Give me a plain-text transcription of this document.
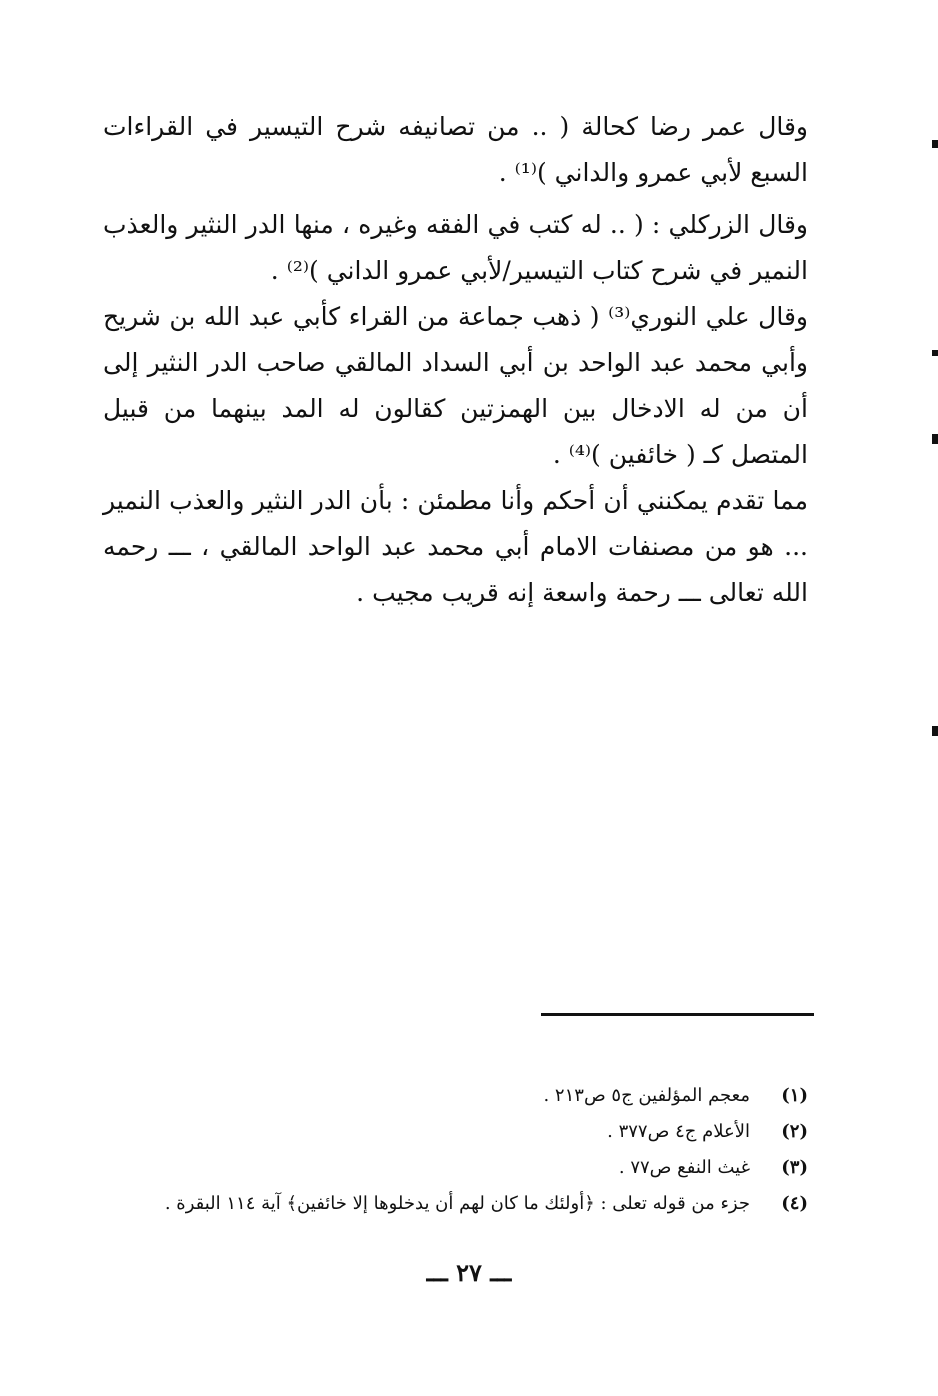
وقال عمر رضا كحالة ( .. من تصانيفه شرح التيسير في القراءات السبع لأبي عمرو والداني )⁽¹⁾ .

وقال الزركلي : ( .. له كتب في الفقه وغيره ، منها الدر النثير والعذب النمير في شرح كتاب التيسير/لأبي عمرو الداني )⁽²⁾ .

وقال علي النوري⁽³⁾ ( ذهب جماعة من القراء كأبي عبد الله بن شريح وأبي محمد عبد الواحد بن أبي السداد المالقي صاحب الدر النثير إلى أن من له الادخال بين الهمزتين كقالون له المد بينهما من قبيل المتصل كـ ( خائفين )⁽⁴⁾ .

مما تقدم يمكنني أن أحكم وأنا مطمئن : بأن الدر النثير والعذب النمير ... هو من مصنفات الامام أبي محمد عبد الواحد المالقي ، ـــ رحمه الله تعالى ـــ رحمة واسعة إنه قريب مجيب .

(١)
معجم المؤلفين ج٥ ص٢١٣ .
(٢)
الأعلام ج٤ ص٣٧٧ .
(٣)
غيث النفع ص٧٧ .
(٤)
جزء من قوله تعلى : ﴿أولئك ما كان لهم أن يدخلوها إلا خائفين﴾ آية ١١٤ البقرة .
ـــ ٢٧ ـــ
